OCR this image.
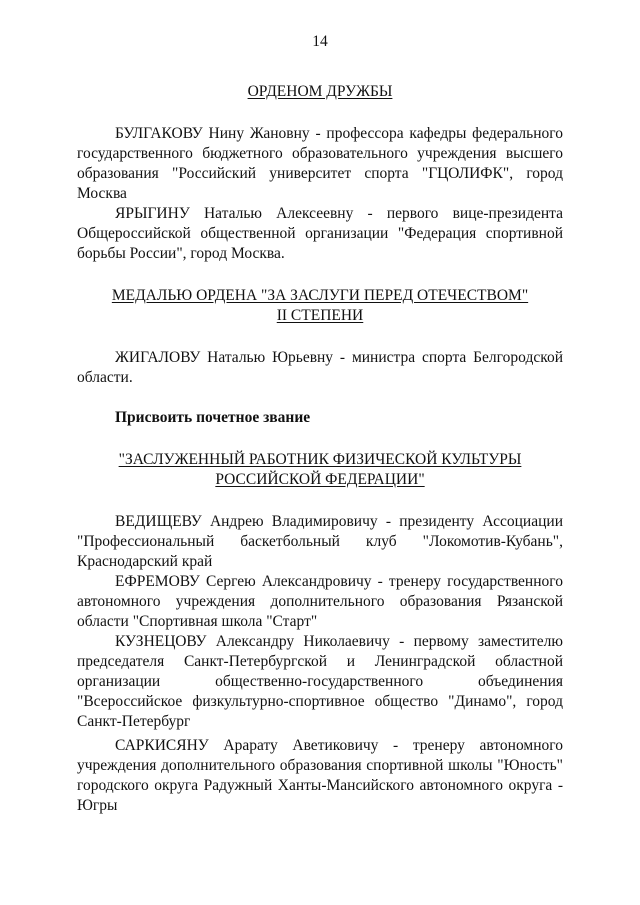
14
ОРДЕНОМ ДРУЖБЫ

БУЛГАКОВУ Нину Жановну - профессора кафедры федерального государственного бюджетного образовательного учреждения высшего образования "Российский университет спорта "ГЦОЛИФК", город Москва

ЯРЫГИНУ Наталью Алексеевну - первого вице-президента Общероссийской общественной организации "Федерация спортивной борьбы России", город Москва.

МЕДАЛЬЮ ОРДЕНА "ЗА ЗАСЛУГИ ПЕРЕД ОТЕЧЕСТВОМ"
II СТЕПЕНИ

ЖИГАЛОВУ Наталью Юрьевну - министра спорта Белгородской области.

Присвоить почетное звание
"ЗАСЛУЖЕННЫЙ РАБОТНИК ФИЗИЧЕСКОЙ КУЛЬТУРЫ
РОССИЙСКОЙ ФЕДЕРАЦИИ"

ВЕДИЩЕВУ Андрею Владимировичу - президенту Ассоциации "Профессиональный баскетбольный клуб "Локомотив-Кубань", Краснодарский край

ЕФРЕМОВУ Сергею Александровичу - тренеру государственного автономного учреждения дополнительного образования Рязанской области "Спортивная школа "Старт"

КУЗНЕЦОВУ Александру Николаевичу - первому заместителю председателя Санкт-Петербургской и Ленинградской областной организации общественно-государственного объединения "Всероссийское физкультурно-спортивное общество "Динамо", город Санкт-Петербург

САРКИСЯНУ Арарату Аветиковичу - тренеру автономного учреждения дополнительного образования спортивной школы "Юность" городского округа Радужный Ханты-Мансийского автономного округа - Югры
